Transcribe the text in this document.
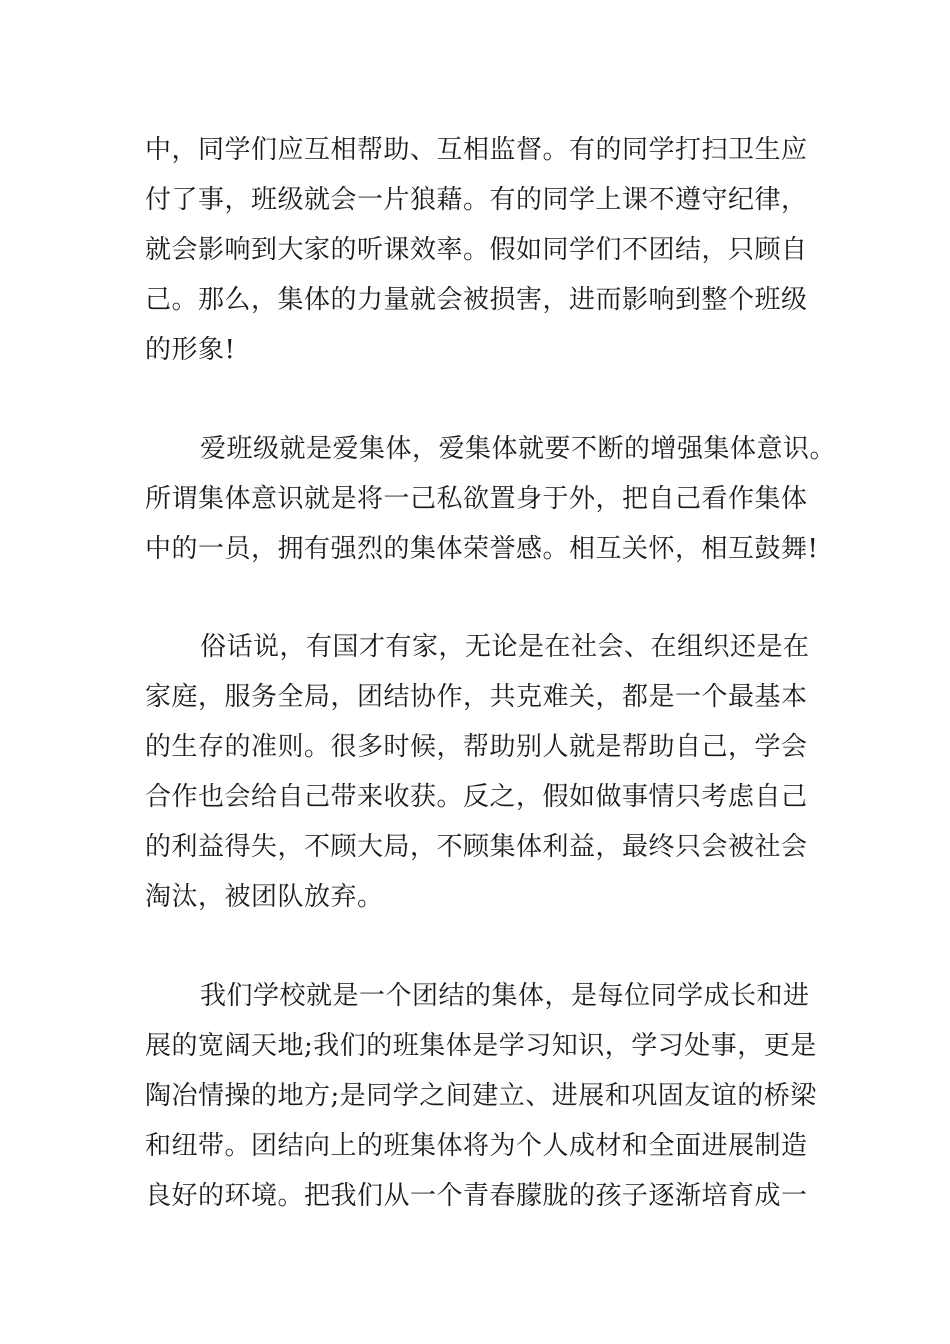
中，同学们应互相帮助、互相监督。有的同学打扫卫生应
付了事，班级就会一片狼藉。有的同学上课不遵守纪律，
就会影响到大家的听课效率。假如同学们不团结，只顾自
己。那么，集体的力量就会被损害，进而影响到整个班级
的形象!
爱班级就是爱集体，爱集体就要不断的增强集体意识。
所谓集体意识就是将一己私欲置身于外，把自己看作集体
中的一员，拥有强烈的集体荣誉感。相互关怀，相互鼓舞!
俗话说，有国才有家，无论是在社会、在组织还是在
家庭，服务全局，团结协作，共克难关，都是一个最基本
的生存的准则。很多时候，帮助别人就是帮助自己，学会
合作也会给自己带来收获。反之，假如做事情只考虑自己
的利益得失，不顾大局，不顾集体利益，最终只会被社会
淘汰，被团队放弃。
我们学校就是一个团结的集体，是每位同学成长和进
展的宽阔天地;我们的班集体是学习知识，学习处事，更是
陶冶情操的地方;是同学之间建立、进展和巩固友谊的桥梁
和纽带。团结向上的班集体将为个人成材和全面进展制造
良好的环境。把我们从一个青春朦胧的孩子逐渐培育成一
